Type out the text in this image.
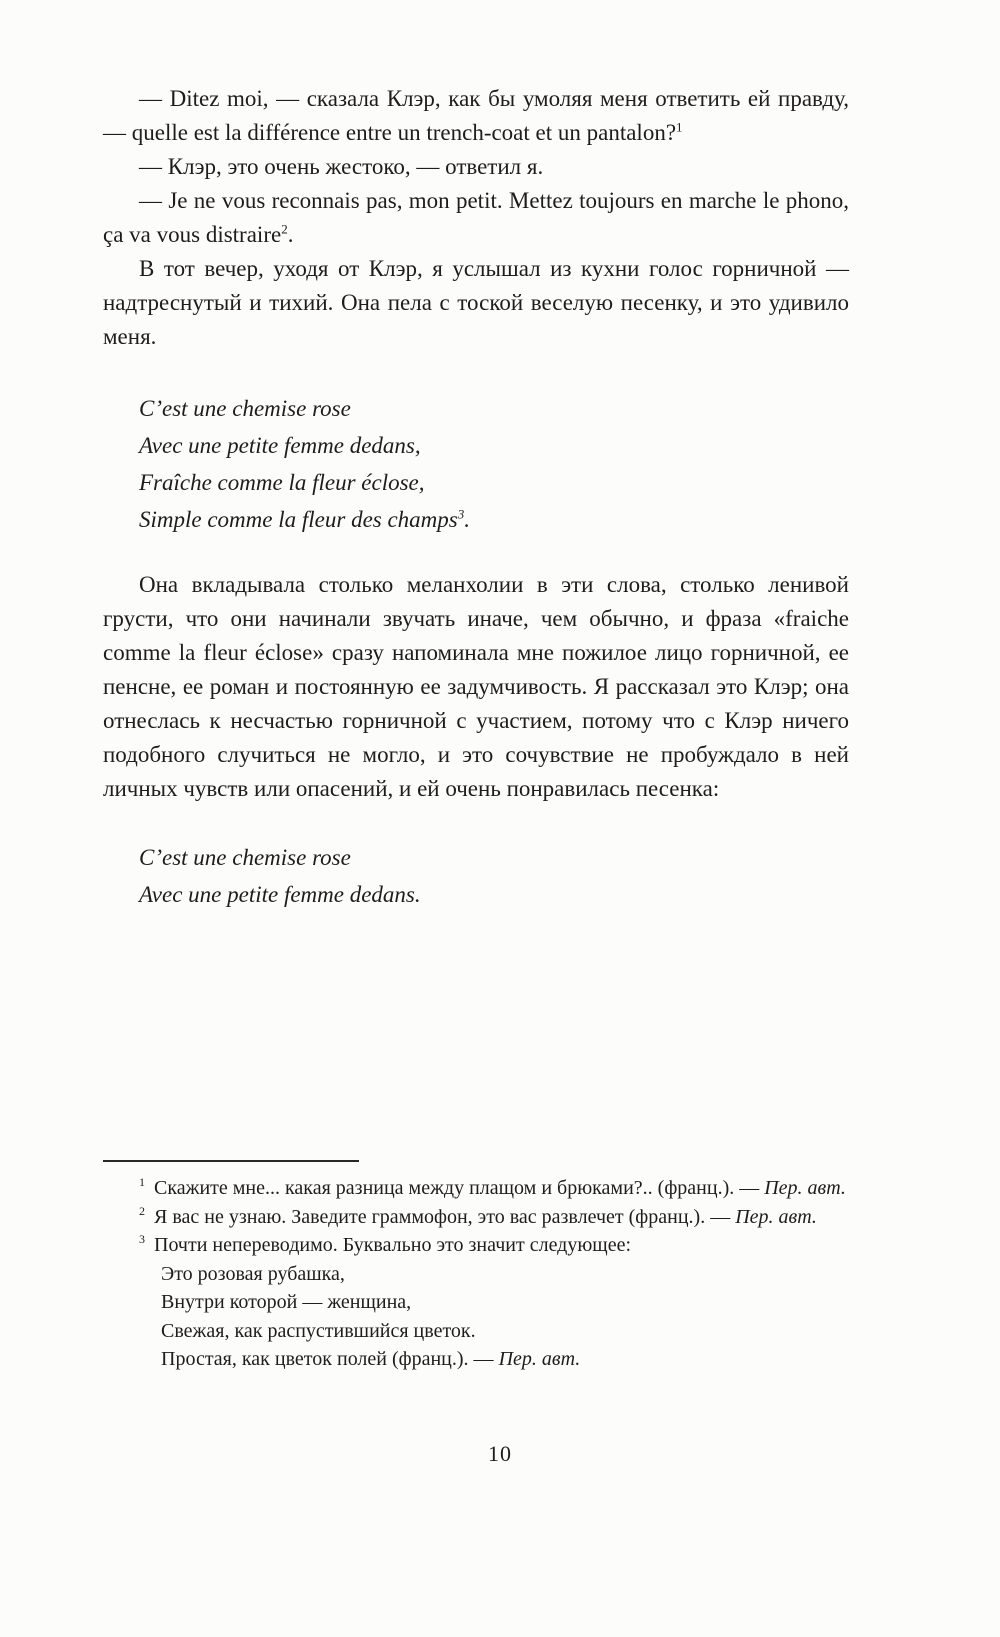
— Ditez moi, — сказала Клэр, как бы умоляя меня ответить ей правду, — quelle est la différence entre un trench-coat et un pantalon?$^1$

— Клэр, это очень жестоко, — ответил я.

— Je ne vous reconnais pas, mon petit. Mettez toujours en marche le phono, ça va vous distraire$^2$.

В тот вечер, уходя от Клэр, я услышал из кухни голос горничной — надтреснутый и тихий. Она пела с тоской веселую песенку, и это удивило меня.

C’est une chemise rose
Avec une petite femme dedans,
Fraîche comme la fleur éclose,
Simple comme la fleur des champs$^3$.

Она вкладывала столько меланхолии в эти слова, столько ленивой грусти, что они начинали звучать иначе, чем обычно, и фраза «fraiche comme la fleur éclose» сразу напоминала мне пожилое лицо горничной, ее пенсне, ее роман и постоянную ее задумчивость. Я рассказал это Клэр; она отнеслась к несчастью горничной с участием, потому что с Клэр ничего подобного случиться не могло, и это сочувствие не пробуждало в ней личных чувств или опасений, и ей очень понравилась песенка:

C’est une chemise rose
Avec une petite femme dedans.

$^1$ Скажите мне... какая разница между плащом и брюками?.. (франц.). — Пер. авт.

$^2$ Я вас не узнаю. Заведите граммофон, это вас развлечет (франц.). — Пер. авт.

$^3$ Почти непереводимо. Буквально это значит следующее:

Это розовая рубашка,
Внутри которой — женщина,
Свежая, как распустившийся цветок.
Простая, как цветок полей (франц.). — Пер. авт.
10
